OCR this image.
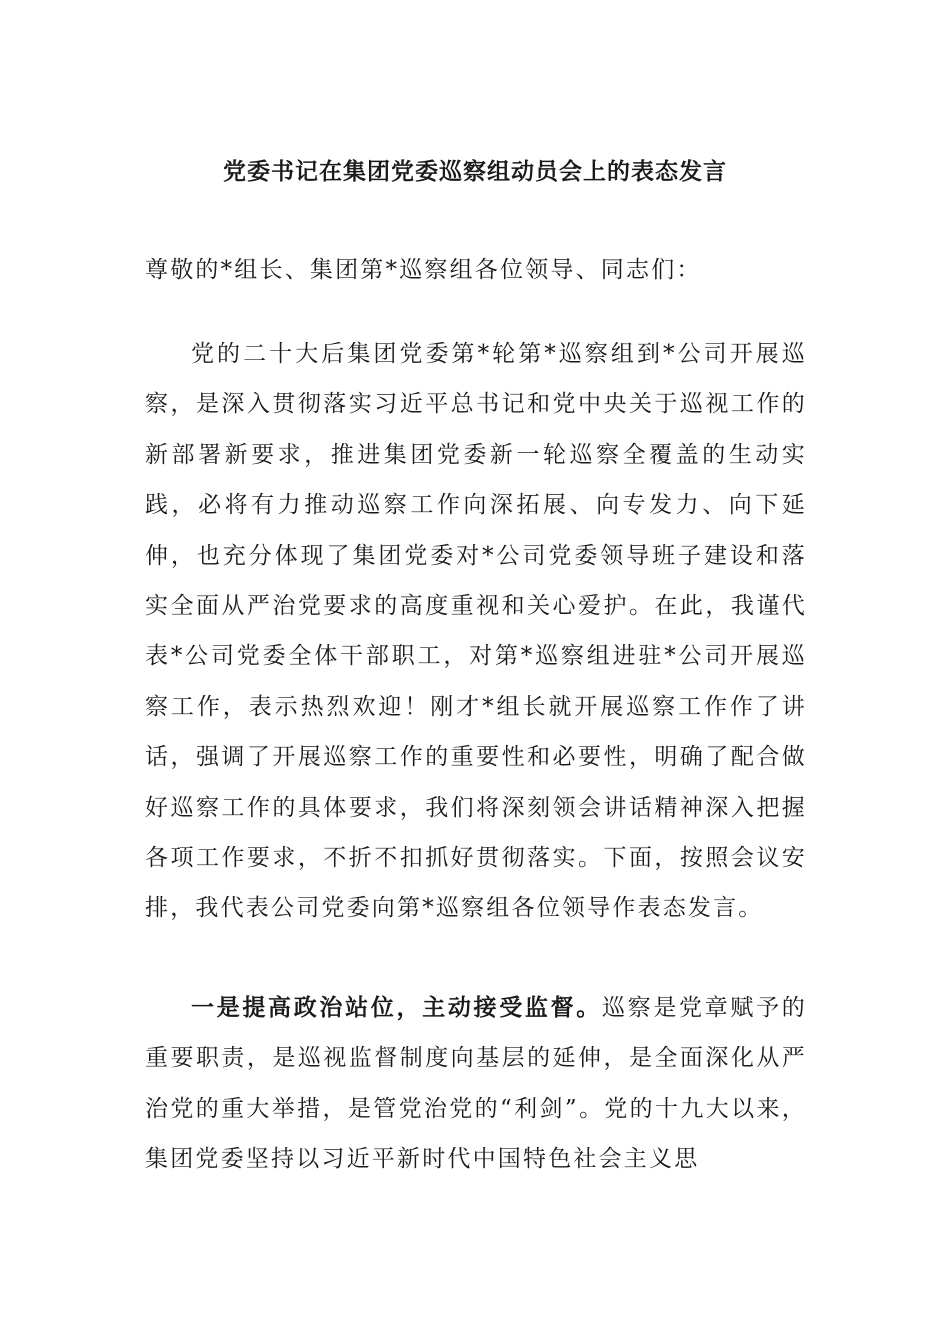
党委书记在集团党委巡察组动员会上的表态发言
尊敬的*组长、集团第*巡察组各位领导、同志们：
党的二十大后集团党委第*轮第*巡察组到*公司开展巡察，是深入贯彻落实习近平总书记和党中央关于巡视工作的新部署新要求，推进集团党委新一轮巡察全覆盖的生动实践，必将有力推动巡察工作向深拓展、向专发力、向下延伸，也充分体现了集团党委对*公司党委领导班子建设和落实全面从严治党要求的高度重视和关心爱护。在此，我谨代表*公司党委全体干部职工，对第*巡察组进驻*公司开展巡察工作，表示热烈欢迎！刚才*组长就开展巡察工作作了讲话，强调了开展巡察工作的重要性和必要性，明确了配合做好巡察工作的具体要求，我们将深刻领会讲话精神深入把握各项工作要求，不折不扣抓好贯彻落实。下面，按照会议安排，我代表公司党委向第*巡察组各位领导作表态发言。
一是提高政治站位，主动接受监督。巡察是党章赋予的重要职责，是巡视监督制度向基层的延伸，是全面深化从严治党的重大举措，是管党治党的“利剑”。党的十九大以来，集团党委坚持以习近平新时代中国特色社会主义思
